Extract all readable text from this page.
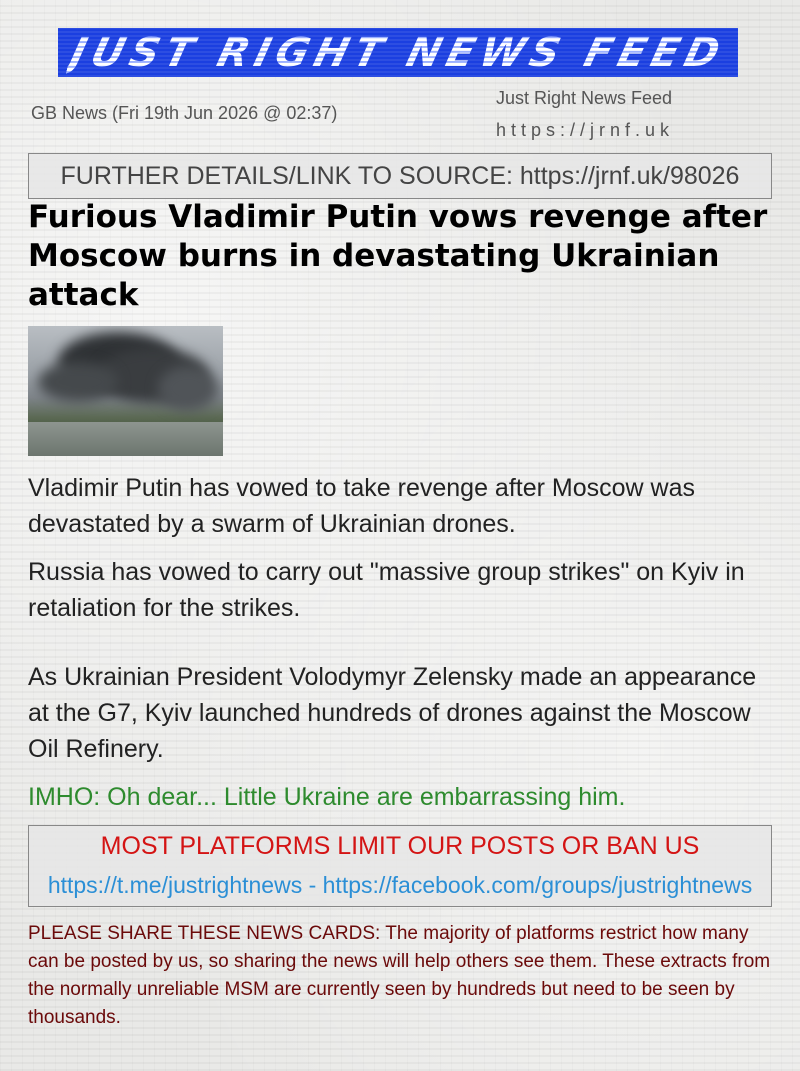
JUST RIGHT NEWS FEED
GB News (Fri 19th Jun 2026 @ 02:37)
Just Right News Feed
https://jrnf.uk
FURTHER DETAILS/LINK TO SOURCE: https://jrnf.uk/98026
Furious Vladimir Putin vows revenge after Moscow burns in devastating Ukrainian attack
Vladimir Putin has vowed to take revenge after Moscow was devastated by a swarm of Ukrainian drones.
Russia has vowed to carry out "massive group strikes" on Kyiv in retaliation for the strikes.
As Ukrainian President Volodymyr Zelensky made an appearance at the G7, Kyiv launched hundreds of drones against the Moscow Oil Refinery.
IMHO: Oh dear... Little Ukraine are embarrassing him.
MOST PLATFORMS LIMIT OUR POSTS OR BAN US
https://t.me/justrightnews - https://facebook.com/groups/justrightnews
PLEASE SHARE THESE NEWS CARDS: The majority of platforms restrict how many can be posted by us, so sharing the news will help others see them. These extracts from the normally unreliable MSM are currently seen by hundreds but need to be seen by thousands.
